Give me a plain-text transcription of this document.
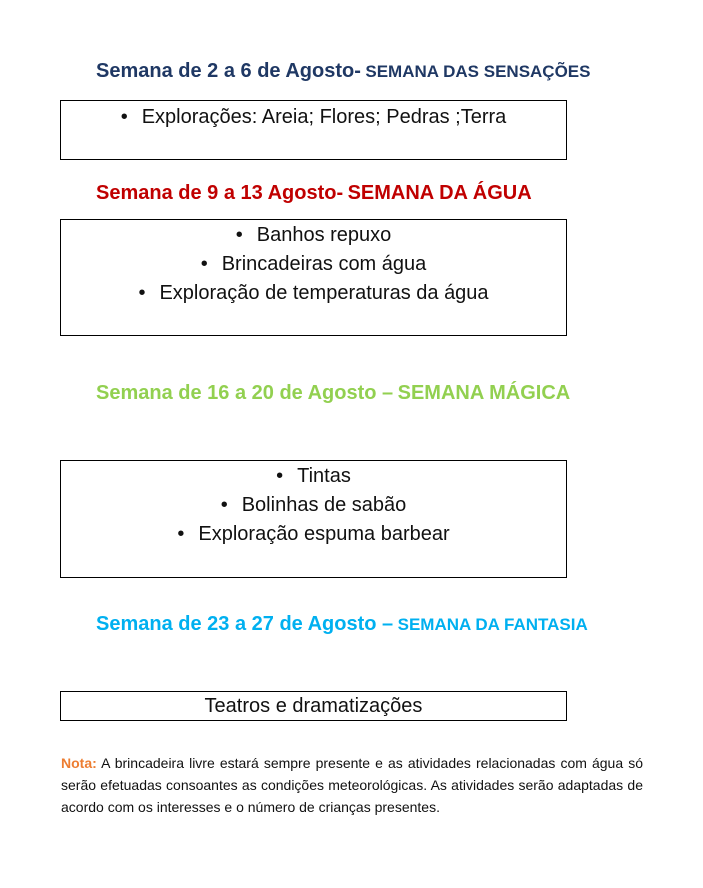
Semana de 2 a 6 de Agosto- SEMANA DAS SENSAÇÕES
• Explorações: Areia; Flores; Pedras ;Terra
Semana de 9 a 13 Agosto- SEMANA DA ÁGUA
• Banhos repuxo
• Brincadeiras com água
• Exploração de temperaturas da água
Semana de 16 a 20 de Agosto – SEMANA MÁGICA
• Tintas
• Bolinhas de sabão
• Exploração espuma barbear
Semana de 23 a 27 de Agosto – SEMANA DA FANTASIA
Teatros e dramatizações
Nota: A brincadeira livre estará sempre presente e as atividades relacionadas com água só serão efetuadas consoantes as condições meteorológicas. As atividades serão adaptadas de acordo com os interesses e o número de crianças presentes.
